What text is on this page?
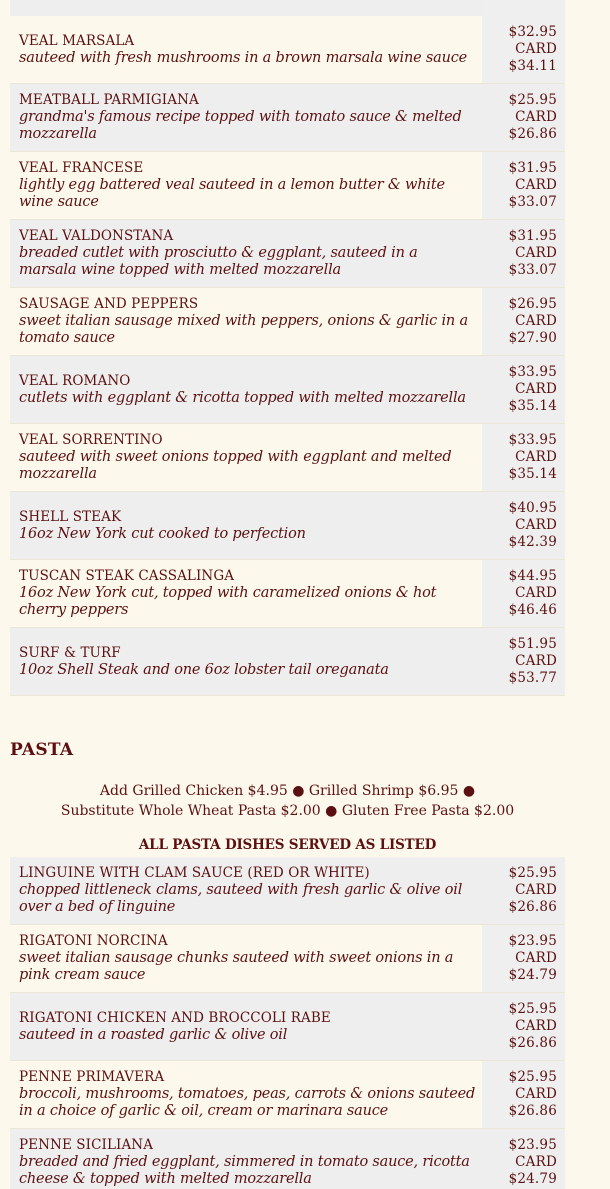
VEAL MARSALA
sauteed with fresh mushrooms in a brown marsala wine sauce
$32.95
CARD
$34.11
MEATBALL PARMIGIANA
grandma's famous recipe topped with tomato sauce & melted mozzarella
$25.95
CARD
$26.86
VEAL FRANCESE
lightly egg battered veal sauteed in a lemon butter & white wine sauce
$31.95
CARD
$33.07
VEAL VALDONSTANA
breaded cutlet with prosciutto & eggplant, sauteed in a marsala wine topped with melted mozzarella
$31.95
CARD
$33.07
SAUSAGE AND PEPPERS
sweet italian sausage mixed with peppers, onions & garlic in a tomato sauce
$26.95
CARD
$27.90
VEAL ROMANO
cutlets with eggplant & ricotta topped with melted mozzarella
$33.95
CARD
$35.14
VEAL SORRENTINO
sauteed with sweet onions topped with eggplant and melted mozzarella
$33.95
CARD
$35.14
SHELL STEAK
16oz New York cut cooked to perfection
$40.95
CARD
$42.39
TUSCAN STEAK CASSALINGA
16oz New York cut, topped with caramelized onions & hot cherry peppers
$44.95
CARD
$46.46
SURF & TURF
10oz Shell Steak and one 6oz lobster tail oreganata
$51.95
CARD
$53.77
PASTA
Add Grilled Chicken $4.95 ● Grilled Shrimp $6.95 ●
Substitute Whole Wheat Pasta $2.00 ● Gluten Free Pasta $2.00
ALL PASTA DISHES SERVED AS LISTED
LINGUINE WITH CLAM SAUCE (RED OR WHITE)
chopped littleneck clams, sauteed with fresh garlic & olive oil over a bed of linguine
$25.95
CARD
$26.86
RIGATONI NORCINA
sweet italian sausage chunks sauteed with sweet onions in a pink cream sauce
$23.95
CARD
$24.79
RIGATONI CHICKEN AND BROCCOLI RABE
sauteed in a roasted garlic & olive oil
$25.95
CARD
$26.86
PENNE PRIMAVERA
broccoli, mushrooms, tomatoes, peas, carrots & onions sauteed in a choice of garlic & oil, cream or marinara sauce
$25.95
CARD
$26.86
PENNE SICILIANA
breaded and fried eggplant, simmered in tomato sauce, ricotta cheese & topped with melted mozzarella
$23.95
CARD
$24.79
